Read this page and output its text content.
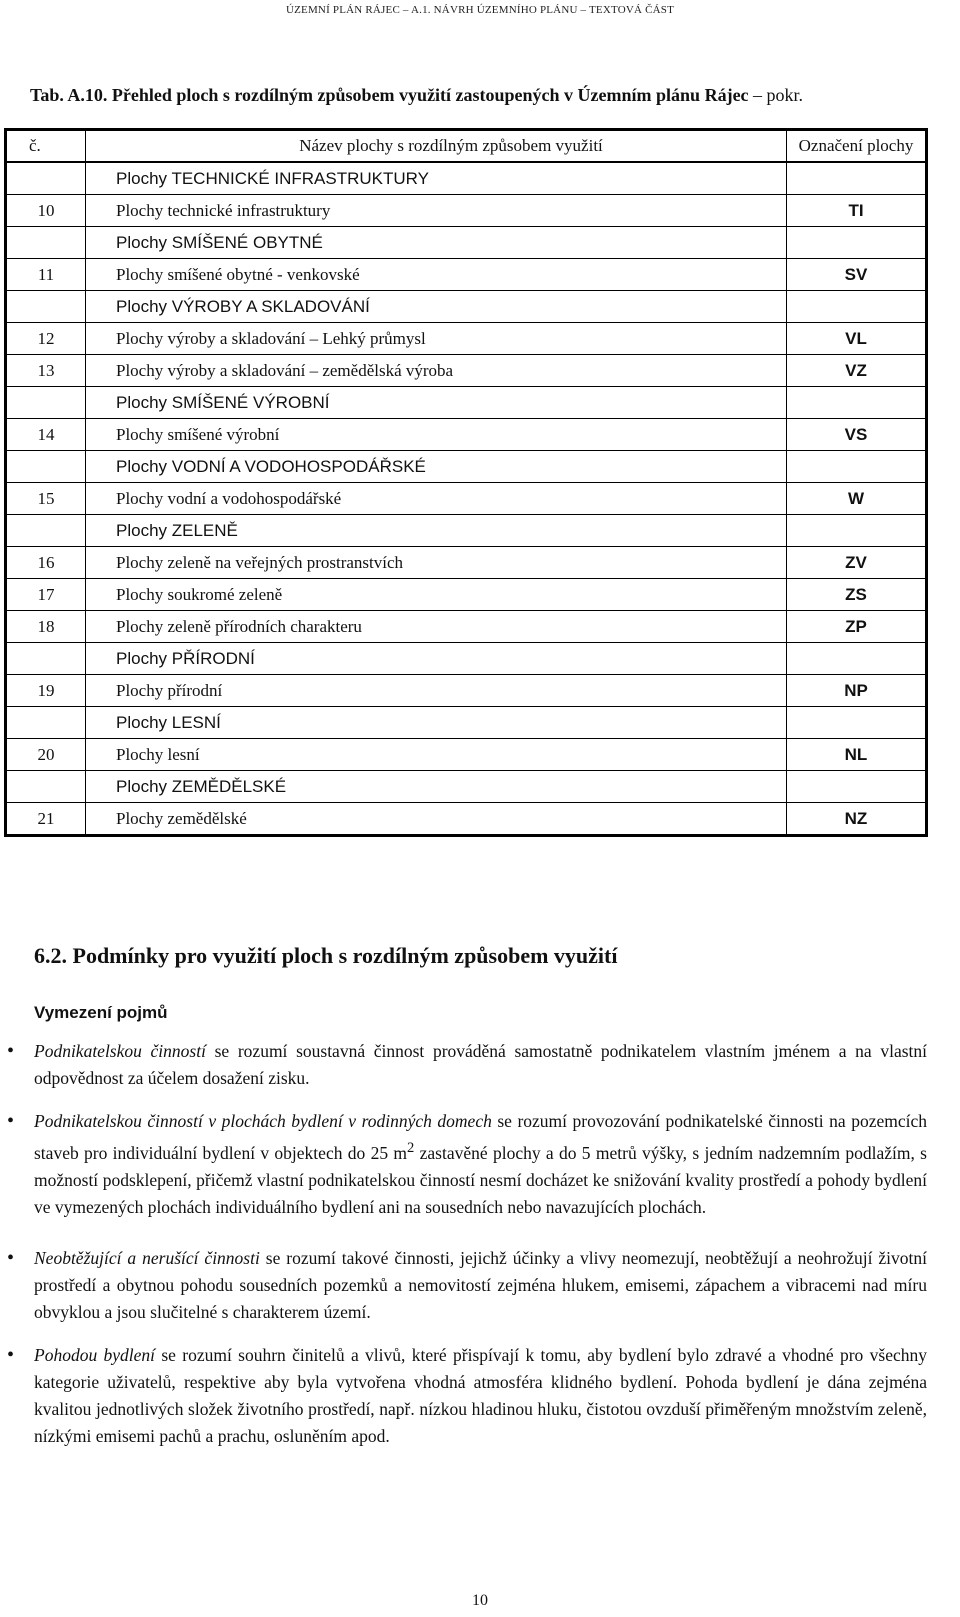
ÚZEMNÍ PLÁN RÁJEC – A.1. NÁVRH ÚZEMNÍHO PLÁNU – TEXTOVÁ ČÁST
Tab. A.10. Přehled ploch s rozdílným způsobem využití zastoupených v Územním plánu Rájec – pokr.
č.	Název plochy s rozdílným způsobem využití	Označení plochy
	Plochy TECHNICKÉ INFRASTRUKTURY	
10	Plochy technické infrastruktury	TI
	Plochy SMÍŠENÉ OBYTNÉ	
11	Plochy smíšené obytné - venkovské	SV
	Plochy VÝROBY A SKLADOVÁNÍ	
12	Plochy výroby a skladování – Lehký průmysl	VL
13	Plochy výroby a skladování – zemědělská výroba	VZ
	Plochy SMÍŠENÉ VÝROBNÍ	
14	Plochy smíšené výrobní	VS
	Plochy VODNÍ A VODOHOSPODÁŘSKÉ	
15	Plochy vodní a vodohospodářské	W
	Plochy ZELENĚ	
16	Plochy zeleně na veřejných prostranstvích	ZV
17	Plochy soukromé zeleně	ZS
18	Plochy zeleně přírodních charakteru	ZP
	Plochy PŘÍRODNÍ	
19	Plochy přírodní	NP
	Plochy LESNÍ	
20	Plochy lesní	NL
	Plochy ZEMĚDĚLSKÉ	
21	Plochy zemědělské	NZ
6.2. Podmínky pro využití ploch s rozdílným způsobem využití
Vymezení pojmů
• Podnikatelskou činností se rozumí soustavná činnost prováděná samostatně podnikatelem vlastním jménem a na vlastní odpovědnost za účelem dosažení zisku.
• Podnikatelskou činností v plochách bydlení v rodinných domech se rozumí provozování podnikatelské činnosti na pozemcích staveb pro individuální bydlení v objektech do 25 $m^2$ zastavěné plochy a do 5 metrů výšky, s jedním nadzemním podlažím, s možností podsklepení, přičemž vlastní podnikatelskou činností nesmí docházet ke snižování kvality prostředí a pohody bydlení ve vymezených plochách individuálního bydlení ani na sousedních nebo navazujících plochách.
• Neobtěžující a nerušící činnosti se rozumí takové činnosti, jejichž účinky a vlivy neomezují, neobtěžují a neohrožují životní prostředí a obytnou pohodu sousedních pozemků a nemovitostí zejména hlukem, emisemi, zápachem a vibracemi nad míru obvyklou a jsou slučitelné s charakterem území.
• Pohodou bydlení se rozumí souhrn činitelů a vlivů, které přispívají k tomu, aby bydlení bylo zdravé a vhodné pro všechny kategorie uživatelů, respektive aby byla vytvořena vhodná atmosféra klidného bydlení. Pohoda bydlení je dána zejména kvalitou jednotlivých složek životního prostředí, např. nízkou hladinou hluku, čistotou ovzduší přiměřeným množstvím zeleně, nízkými emisemi pachů a prachu, osluněním apod.
10
